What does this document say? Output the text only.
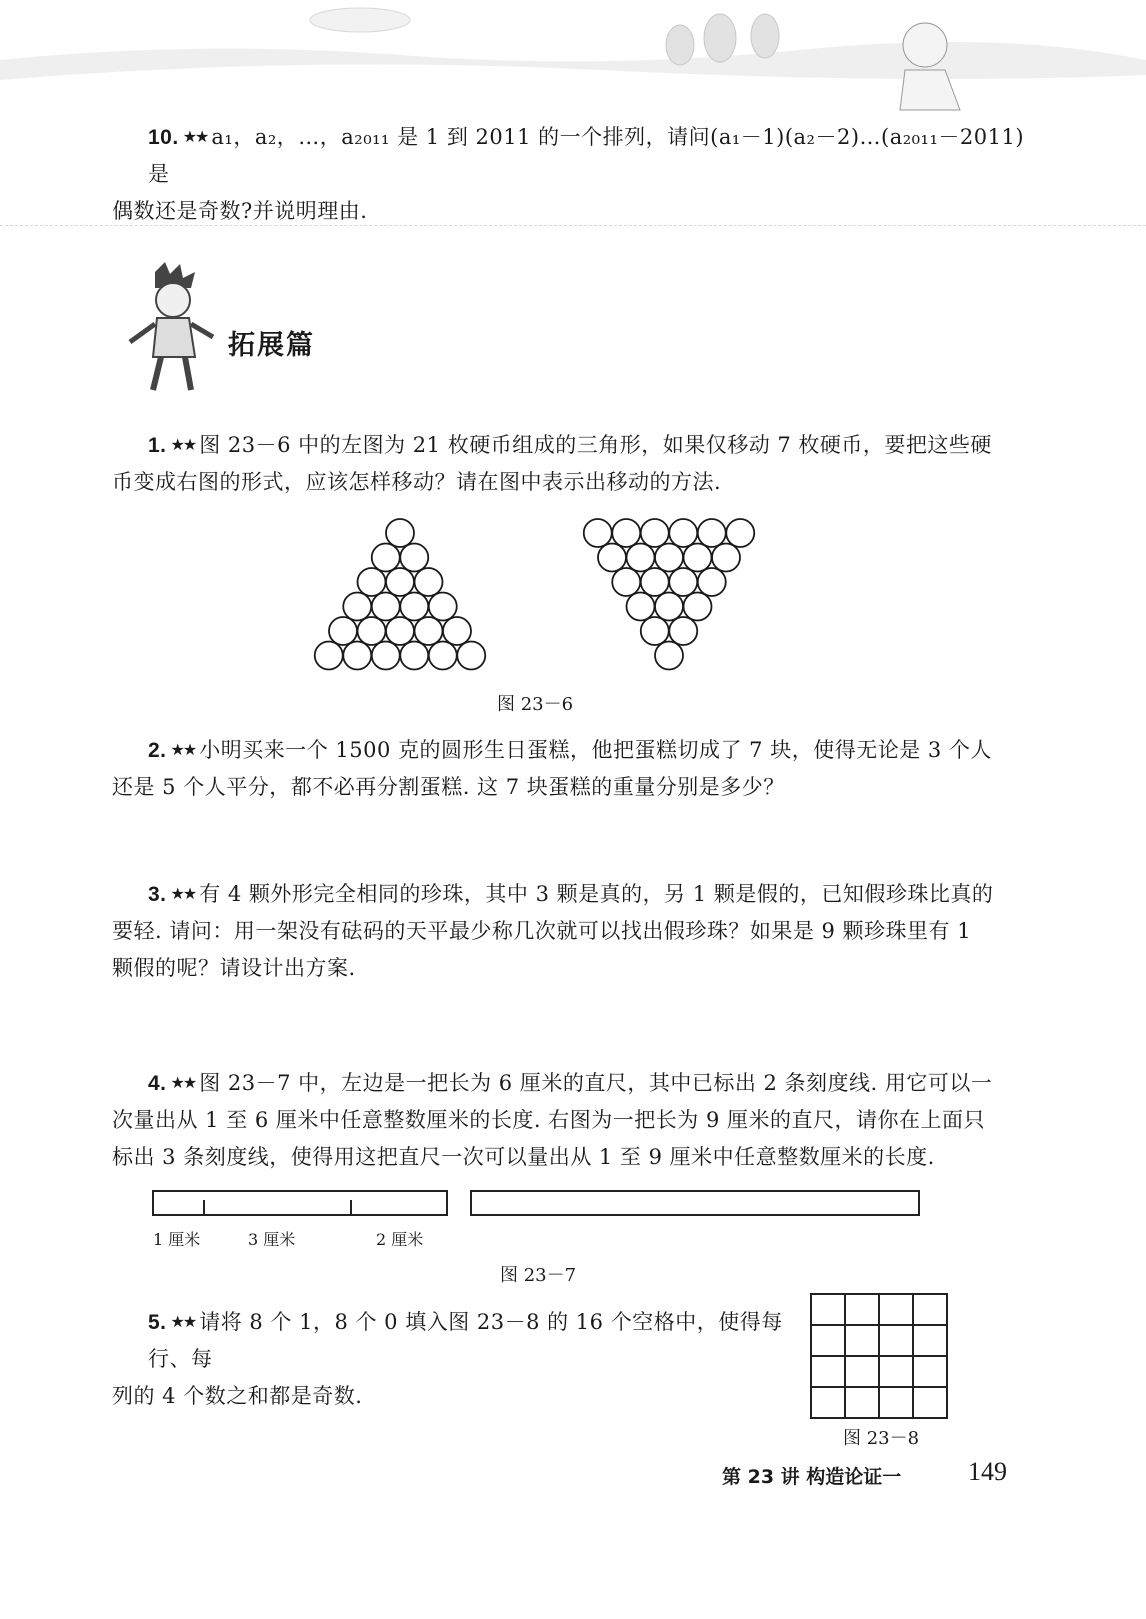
10. ★★ a₁，a₂，…，a₂₀₁₁ 是 1 到 2011 的一个排列，请问(a₁－1)(a₂－2)…(a₂₀₁₁－2011) 是
偶数还是奇数?并说明理由.
拓展篇
1. ★★ 图 23－6 中的左图为 21 枚硬币组成的三角形，如果仅移动 7 枚硬币，要把这些硬
币变成右图的形式，应该怎样移动？请在图中表示出移动的方法.
图 23－6
2. ★★ 小明买来一个 1500 克的圆形生日蛋糕，他把蛋糕切成了 7 块，使得无论是 3 个人
还是 5 个人平分，都不必再分割蛋糕. 这 7 块蛋糕的重量分别是多少？
3. ★★ 有 4 颗外形完全相同的珍珠，其中 3 颗是真的，另 1 颗是假的，已知假珍珠比真的
要轻. 请问：用一架没有砝码的天平最少称几次就可以找出假珍珠？如果是 9 颗珍珠里有 1
颗假的呢？请设计出方案.
4. ★★ 图 23－7 中，左边是一把长为 6 厘米的直尺，其中已标出 2 条刻度线. 用它可以一
次量出从 1 至 6 厘米中任意整数厘米的长度. 右图为一把长为 9 厘米的直尺，请你在上面只
标出 3 条刻度线，使得用这把直尺一次可以量出从 1 至 9 厘米中任意整数厘米的长度.
1 厘米	3 厘米	2 厘米
图 23－7
5. ★★ 请将 8 个 1，8 个 0 填入图 23－8 的 16 个空格中，使得每行、每
列的 4 个数之和都是奇数.

图 23－8
第 23 讲 构造论证一	149
